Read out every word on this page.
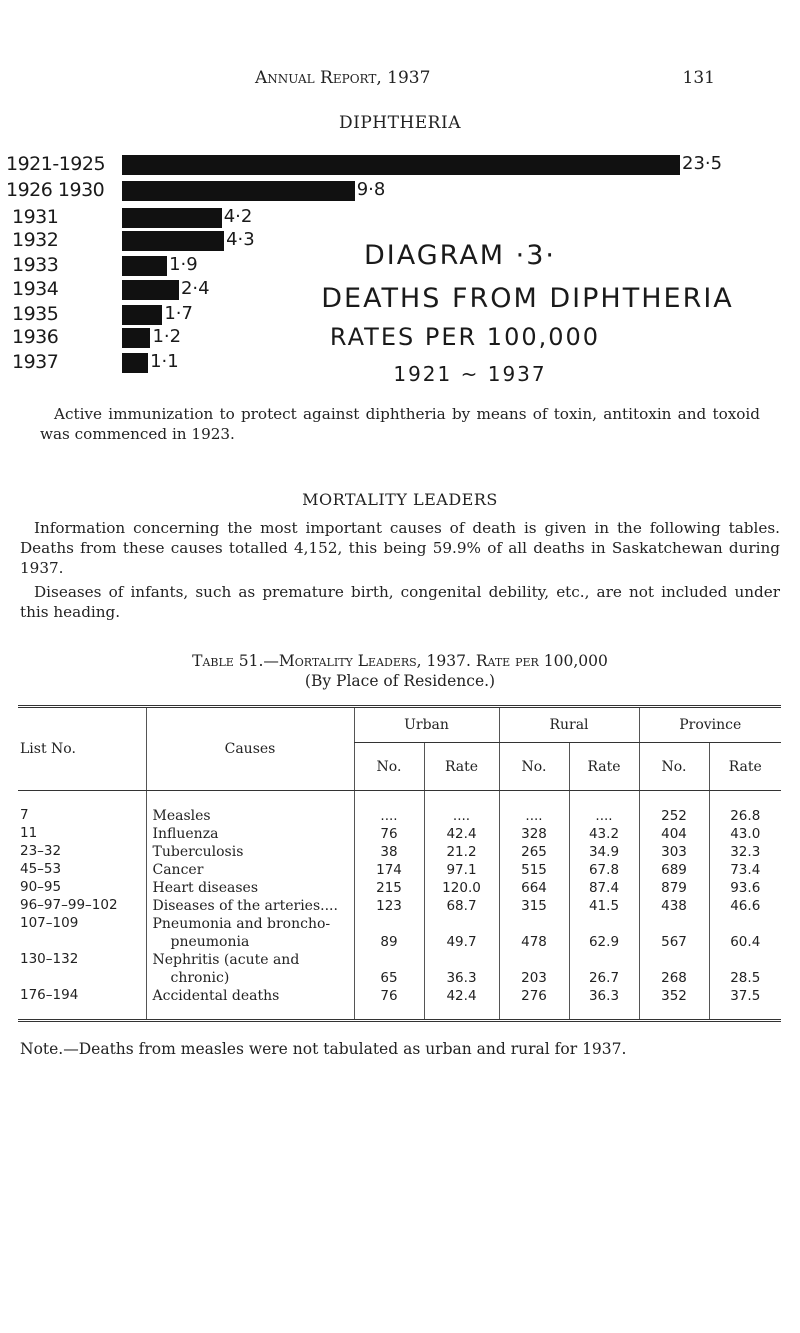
Annual Report, 1937	131
DIPHTHERIA
DIAGRAM ·3·
DEATHS FROM DIPHTHERIA
RATES PER 100,000
1921 ~ 1937
1921-1925	23·5
1926 1930	9·8
1931	4·2
1932	4·3
1933	1·9
1934	2·4
1935	1·7
1936	1·2
1937	1·1
Active immunization to protect against diphtheria by means of toxin, antitoxin and toxoid was commenced in 1923.
MORTALITY LEADERS
Information concerning the most important causes of death is given in the following tables. Deaths from these causes totalled 4,152, this being 59.9% of all deaths in Saskatchewan during 1937.
Diseases of infants, such as premature birth, congenital debility, etc., are not included under this heading.
Table 51.—Mortality Leaders, 1937. Rate per 100,000
(By Place of Residence.)
List No.	Causes	Urban		Rural		Province	
		No.	Rate	No.	Rate	No.	Rate
7	Measles	....	....	....	....	252	26.8
11	Influenza	76	42.4	328	43.2	404	43.0
23–32	Tuberculosis	38	21.2	265	34.9	303	32.3
45–53	Cancer	174	97.1	515	67.8	689	73.4
90–95	Heart diseases	215	120.0	664	87.4	879	93.6
96–97–99–102	Diseases of the arteries....	123	68.7	315	41.5	438	46.6
107–109	Pneumonia and broncho-
pneumonia	89	49.7	478	62.9	567	60.4
130–132	Nephritis (acute and
chronic)	65	36.3	203	26.7	268	28.5
176–194	Accidental deaths	76	42.4	276	36.3	352	37.5
Note.—Deaths from measles were not tabulated as urban and rural for 1937.
